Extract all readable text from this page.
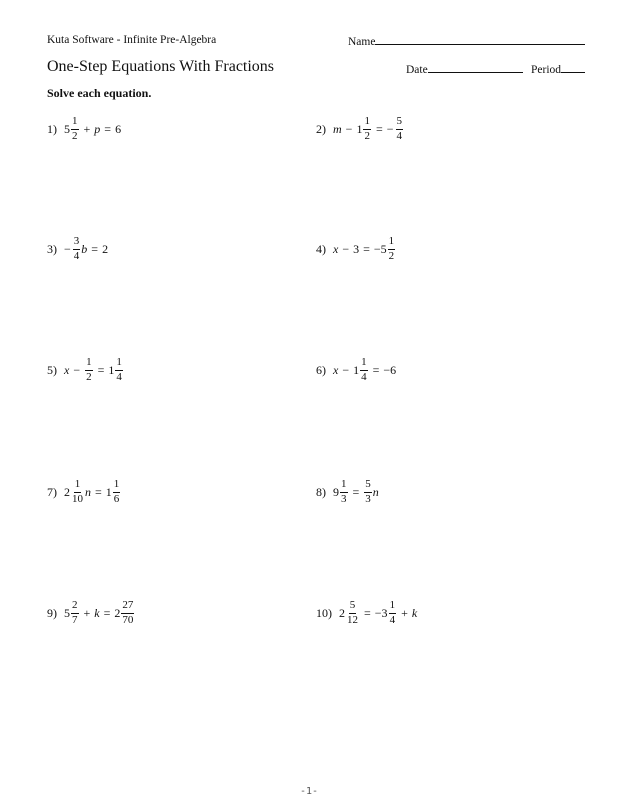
Kuta Software - Infinite Pre-Algebra	Name
One-Step Equations With Fractions	Date	Period
Solve each equation.
1) $5 \frac{1}{2} + p = 6$	2) $m - 1 \frac{1}{2}$ = − $\frac{5}{4}$
$3) - \frac{3}{4}$ b = 2	4) $x - 3 = -5 \frac{1}{2}$
5) $x - \frac{1}{2} = 1 \frac{1}{4}$	6) $x - 1 \frac{1}{4} = -6$
7) $2 \frac{1}{10}$ $n = 1 \frac{1}{6}$	8) $9 \frac{1}{3} = \frac{5}{3}$ n
9) $5 \frac{2}{7} + k = 2 \frac{27}{70}$	10) $2 \frac{5}{12} = -3 \frac{1}{4} + k$
-1-
